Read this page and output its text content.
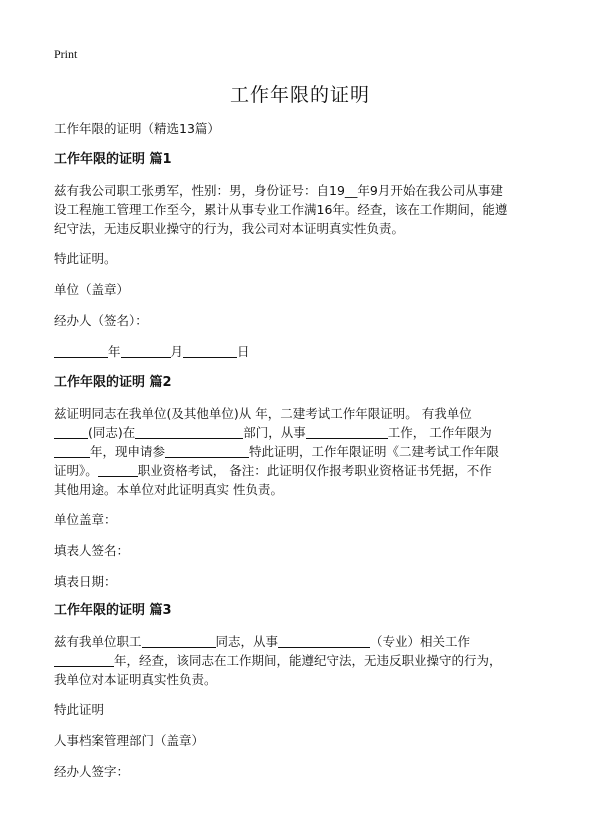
Print
工作年限的证明
工作年限的证明（精选13篇）
工作年限的证明 篇1
兹有我公司职工张勇军，性别：男，身份证号：自19__年9月开始在我公司从事建
设工程施工管理工作至今，累计从事专业工作满16年。经查，该在工作期间，能遵
纪守法，无违反职业操守的行为，我公司对本证明真实性负责。
特此证明。
单位（盖章）
经办人（签名）：
年	月	日
工作年限的证明 篇2
兹证明同志在我单位(及其他单位)从 年，二建考试工作年限证明。 有我单位
(同志)在	部门，从事	工作， 工作年限为
年，现申请参	特此证明，工作年限证明《二建考试工作年限
证明》。	职业资格考试， 备注：此证明仅作报考职业资格证书凭据，不作
其他用途。本单位对此证明真实 性负责。
单位盖章：
填表人签名：
填表日期：
工作年限的证明 篇3
兹有我单位职工	同志，从事	（专业）相关工作
年，经查，该同志在工作期间，能遵纪守法，无违反职业操守的行为，
我单位对本证明真实性负责。
特此证明
人事档案管理部门（盖章）
经办人签字：
